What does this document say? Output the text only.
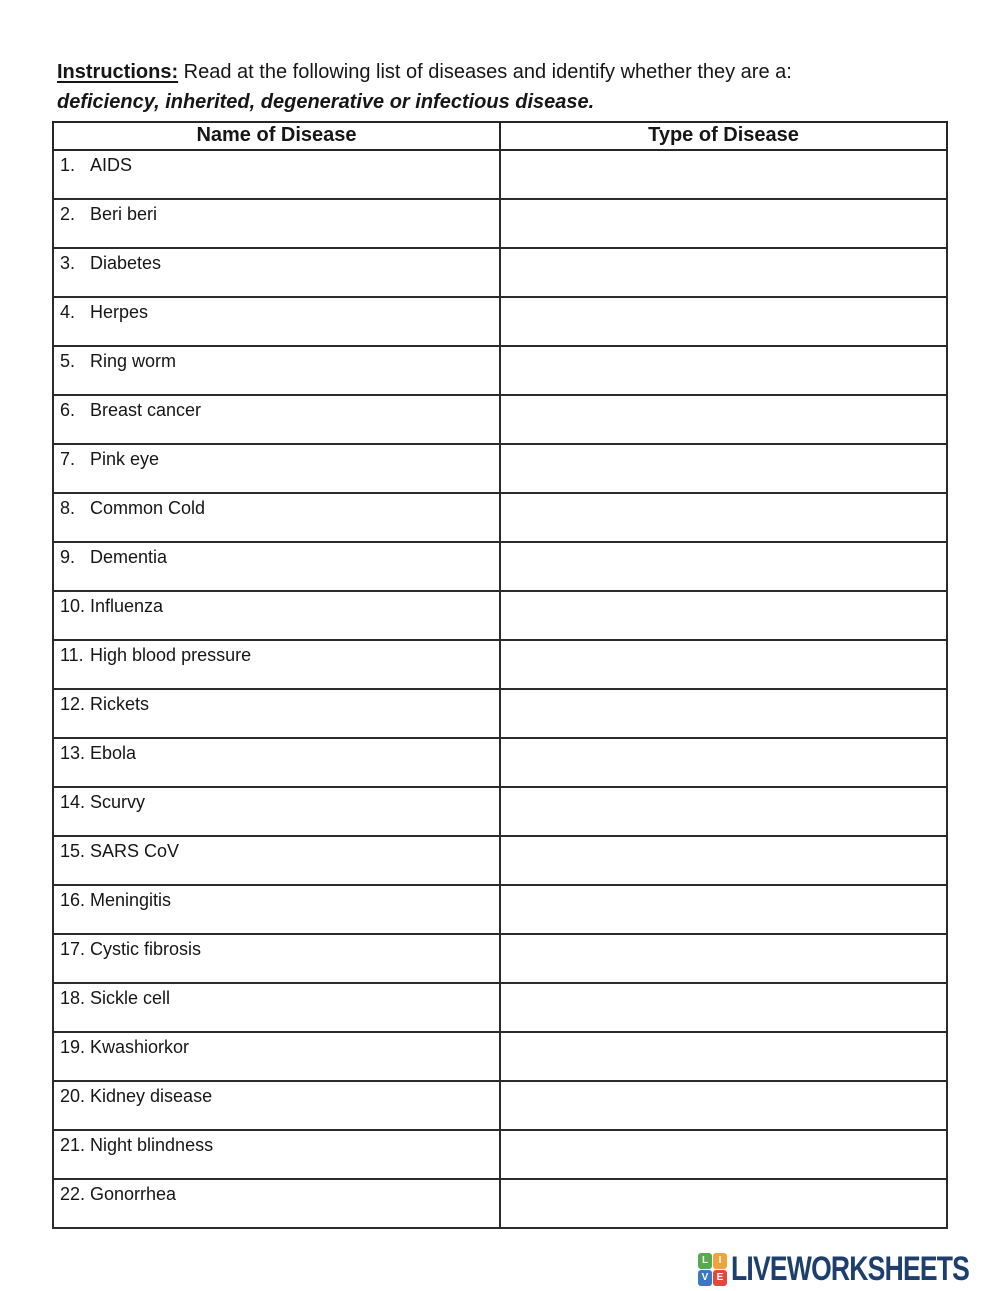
Instructions: Read at the following list of diseases and identify whether they are a:
deficiency, inherited, degenerative or infectious disease.

Name of Disease	Type of Disease
1. AIDS	
2. Beri beri	
3. Diabetes	
4. Herpes	
5. Ring worm	
6. Breast cancer	
7. Pink eye	
8. Common Cold	
9. Dementia	
10. Influenza	
11. High blood pressure	
12. Rickets	
13. Ebola	
14. Scurvy	
15. SARS CoV	
16. Meningitis	
17. Cystic fibrosis	
18. Sickle cell	
19. Kwashiorkor	
20. Kidney disease	
21. Night blindness	
22. Gonorrhea	
L	I
V E LIVEWORKSHEETS
